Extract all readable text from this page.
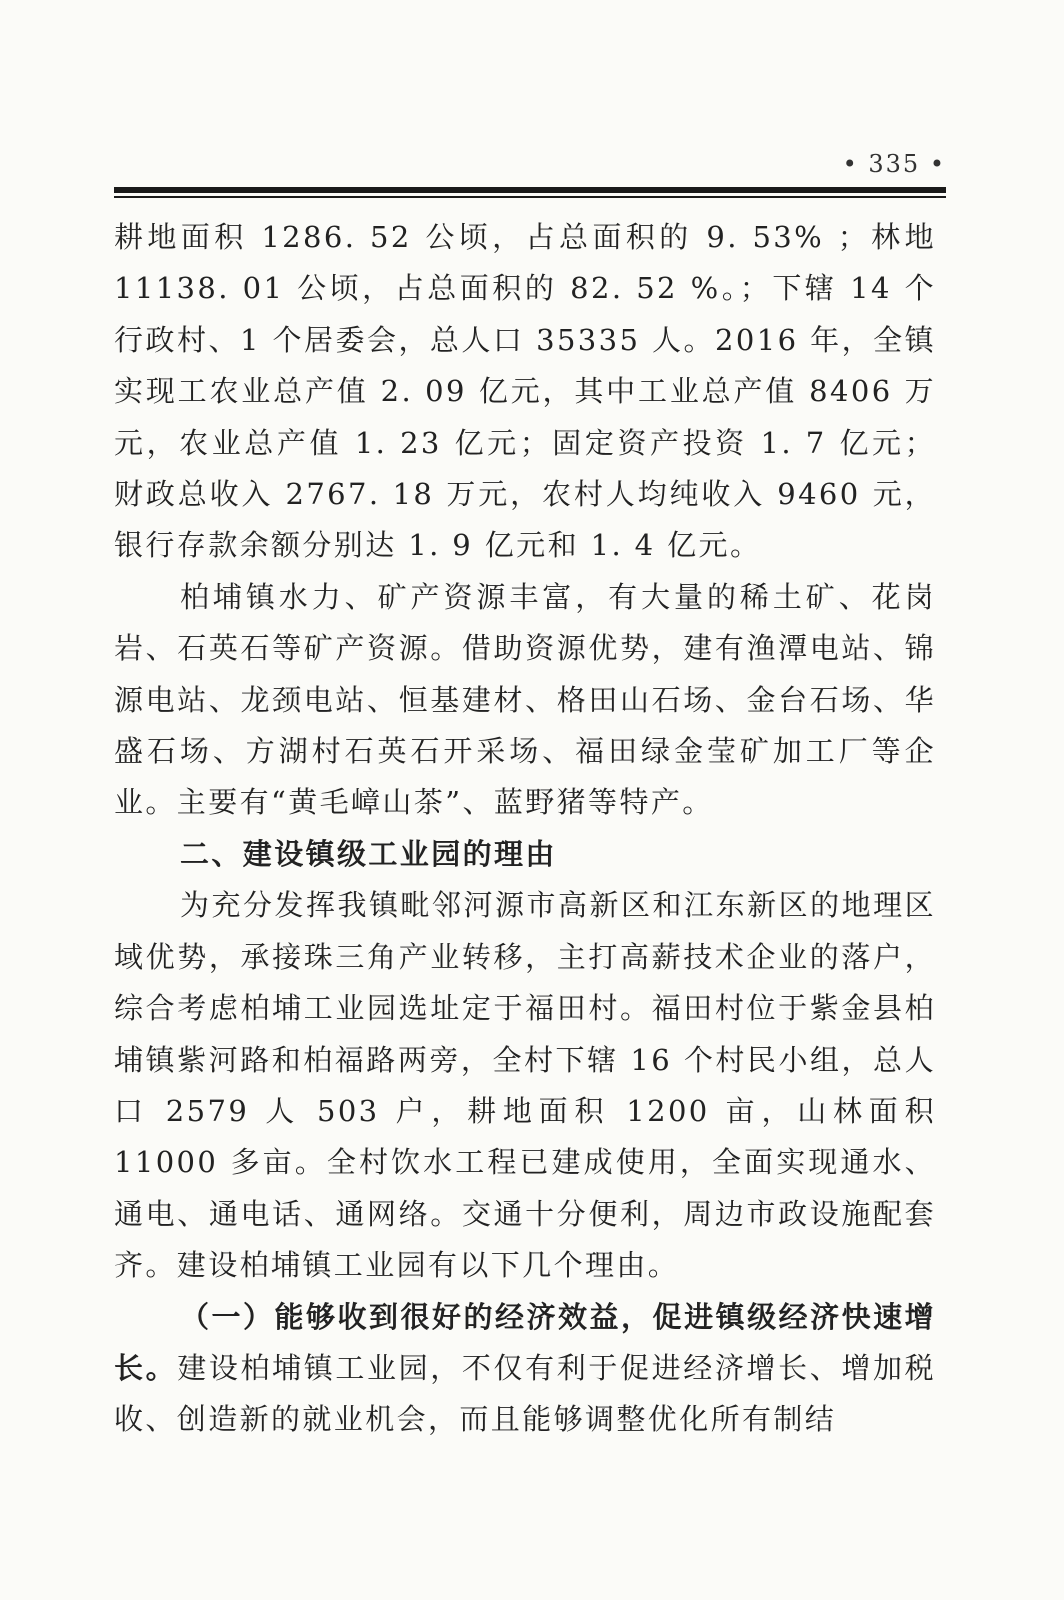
• 335 •

耕地面积 1286. 52 公顷，占总面积的 9. 53% ；林地 11138. 01 公顷，占总面积的 82. 52 %。；下辖 14 个行政村、1 个居委会，总人口 35335 人。2016 年，全镇实现工农业总产值 2. 09 亿元，其中工业总产值 8406 万元，农业总产值 1. 23 亿元；固定资产投资 1. 7 亿元；财政总收入 2767. 18 万元，农村人均纯收入 9460 元，银行存款余额分别达 1. 9 亿元和 1. 4 亿元。

柏埔镇水力、矿产资源丰富，有大量的稀土矿、花岗岩、石英石等矿产资源。借助资源优势，建有渔潭电站、锦源电站、龙颈电站、恒基建材、格田山石场、金台石场、华盛石场、方湖村石英石开采场、福田绿金莹矿加工厂等企业。主要有“黄毛嶂山茶”、蓝野猪等特产。

二、建设镇级工业园的理由

为充分发挥我镇毗邻河源市高新区和江东新区的地理区域优势，承接珠三角产业转移，主打高薪技术企业的落户，综合考虑柏埔工业园选址定于福田村。福田村位于紫金县柏埔镇紫河路和柏福路两旁，全村下辖 16 个村民小组，总人口 2579 人 503 户，耕地面积 1200 亩，山林面积 11000 多亩。全村饮水工程已建成使用，全面实现通水、通电、通电话、通网络。交通十分便利，周边市政设施配套齐。建设柏埔镇工业园有以下几个理由。

（一）能够收到很好的经济效益，促进镇级经济快速增长。建设柏埔镇工业园，不仅有利于促进经济增长、增加税收、创造新的就业机会，而且能够调整优化所有制结
